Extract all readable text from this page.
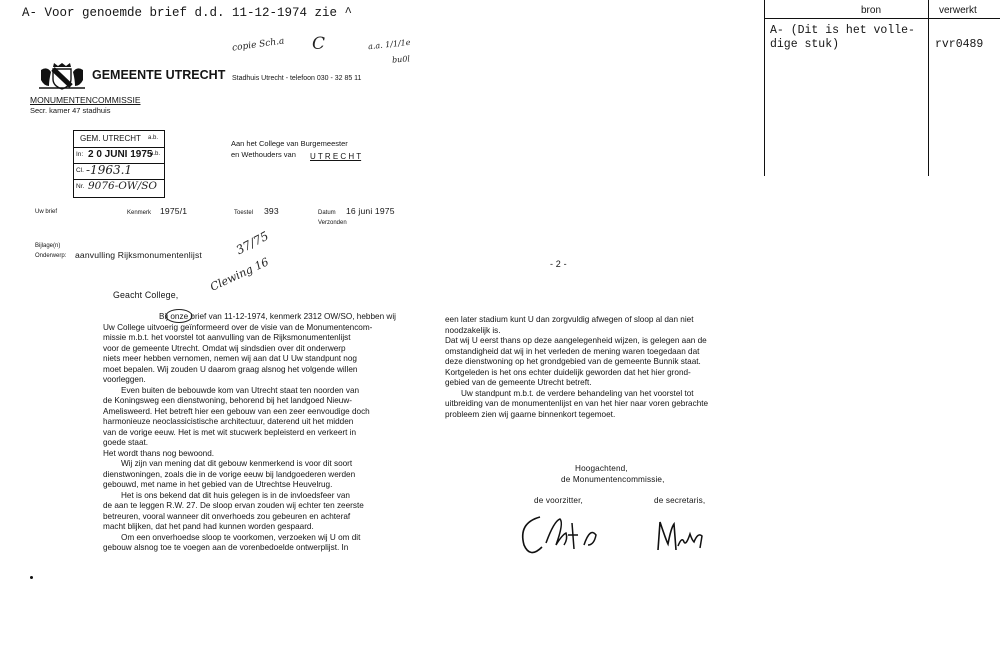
A- Voor genoemde brief d.d. 11-12-1974 zie ^	bron	verwerkt
A- (Dit is het volle-
dige stuk)	rvr0489
copie Sch.a C	a.a. 1/1/1e
bu0l
GEMEENTE UTRECHT Stadhuis Utrecht - telefoon 030 - 32 85 11
MONUMENTENCOMMISSIE
Secr. kamer 47 stadhuis
GEM. UTRECHT a.b.
In: 2 0 JUNI 1975
a.b.
Cl. -1963.1
Nr. 9076-OW/SO
Aan het College van Burgemeester
en Wethouders van U T R E C H T
Uw brief	Kenmerk 1975/1	Toestel 393	Datum 16 juni 1975
Verzonden
Bijlage(n)
Onderwerp: aanvulling Rijksmonumentenlijst	37/75
Clewing 16	- 2 -
Geacht College,
Bij onze brief van 11-12-1974, kenmerk 2312 OW/SO, hebben wij
Uw College uitvoerig geïnformeerd over de visie van de Monumentencom-
missie m.b.t. het voorstel tot aanvulling van de Rijksmonumentenlijst
voor de gemeente Utrecht. Omdat wij sindsdien over dit onderwerp
niets meer hebben vernomen, nemen wij aan dat U Uw standpunt nog
moet bepalen. Wij zouden U daarom graag alsnog het volgende willen
voorleggen.
Even buiten de bebouwde kom van Utrecht staat ten noorden van
de Koningsweg een dienstwoning, behorend bij het landgoed Nieuw-
Amelisweerd. Het betreft hier een gebouw van een zeer eenvoudige doch
harmonieuze neoclassicistische architectuur, daterend uit het midden
van de vorige eeuw. Het is met wit stucwerk bepleisterd en verkeert in
goede staat.
Het wordt thans nog bewoond.
Wij zijn van mening dat dit gebouw kenmerkend is voor dit soort
dienstwoningen, zoals die in de vorige eeuw bij landgoederen werden
gebouwd, met name in het gebied van de Utrechtse Heuvelrug.
Het is ons bekend dat dit huis gelegen is in de invloedsfeer van
de aan te leggen R.W. 27. De sloop ervan zouden wij echter ten zeerste
betreuren, vooral wanneer dit onverhoeds zou gebeuren en achteraf
macht blijken, dat het pand had kunnen worden gespaard.
Om een onverhoedse sloop te voorkomen, verzoeken wij U om dit
gebouw alsnog toe te voegen aan de vorenbedoelde ontwerplijst. In
een later stadium kunt U dan zorgvuldig afwegen of sloop al dan niet
noodzakelijk is.
Dat wij U eerst thans op deze aangelegenheid wijzen, is gelegen aan de
omstandigheid dat wij in het verleden de mening waren toegedaan dat
deze dienstwoning op het grondgebied van de gemeente Bunnik staat.
Kortgeleden is het ons echter duidelijk geworden dat het hier grond-
gebied van de gemeente Utrecht betreft.
Uw standpunt m.b.t. de verdere behandeling van het voorstel tot
uitbreiding van de monumentenlijst en van het hier naar voren gebrachte
probleem zien wij gaarne binnenkort tegemoet.
Hoogachtend,
de Monumentencommissie,
de voorzitter,	de secretaris,
